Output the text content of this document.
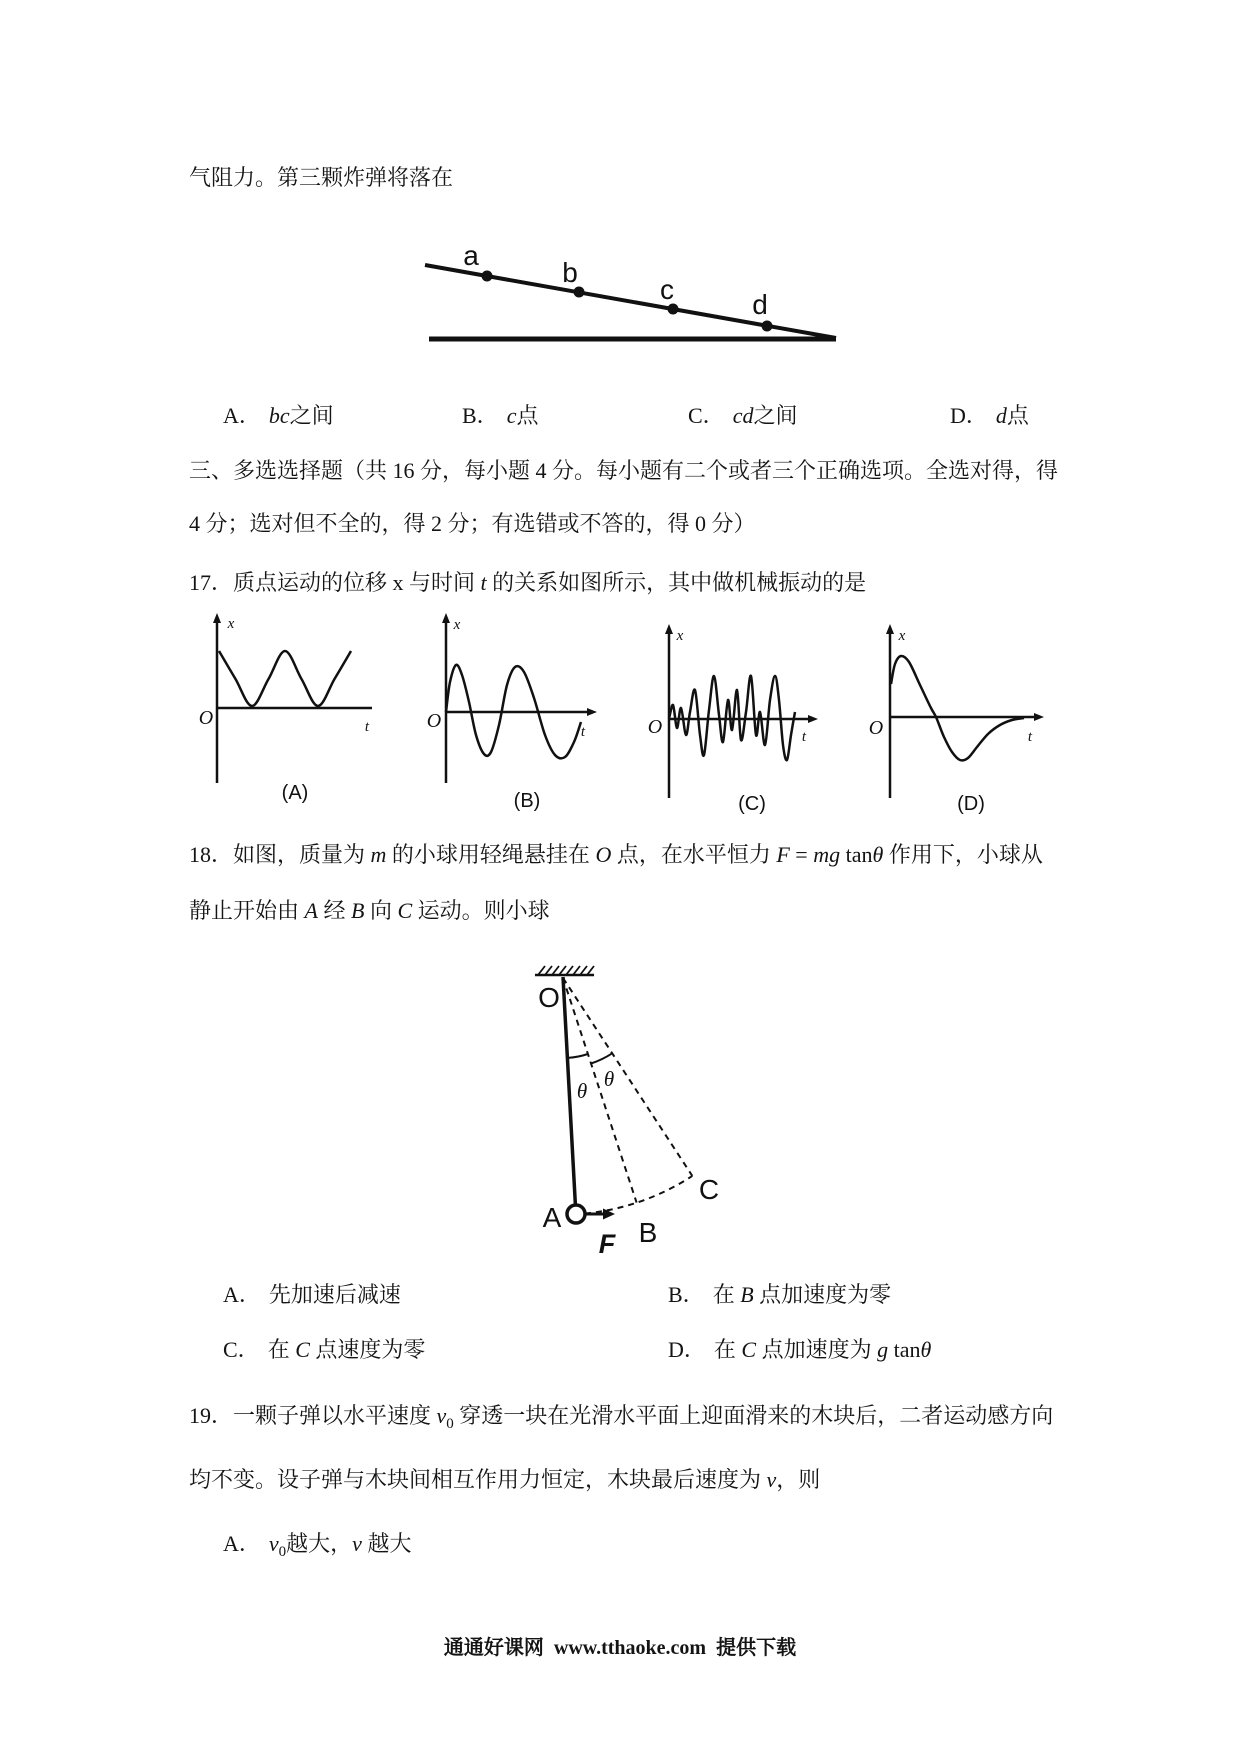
气阻力。第三颗炸弹将落在
a
b
c	d
A． bc之间	B． c点	C． cd之间	D． d点
三、多选选择题（共 16 分，每小题 4 分。每小题有二个或者三个正确选项。全选对得，得
4 分；选对但不全的，得 2 分；有选错或不答的，得 0 分）
17．质点运动的位移 x 与时间 t 的关系如图所示，其中做机械振动的是
x
O	t
(A)
x
O	t
(B)
x
O	t
(C)
x
O	t
(D)
18．如图，质量为 m 的小球用轻绳悬挂在 O 点，在水平恒力 F = mg tanθ 作用下，小球从
静止开始由 A 经 B 向 C 运动。则小球
O
θ θ
A	B
C
F
A． 先加速后减速	B． 在 B 点加速度为零
C． 在 C 点速度为零	D． 在 C 点加速度为 g tanθ
19．一颗子弹以水平速度 $v_0$ 穿透一块在光滑水平面上迎面滑来的木块后，二者运动感方向
均不变。设子弹与木块间相互作用力恒定，木块最后速度为 v，则
A． $v_0$越大，v 越大
通通好课网  www.tthaoke.com  提供下载
